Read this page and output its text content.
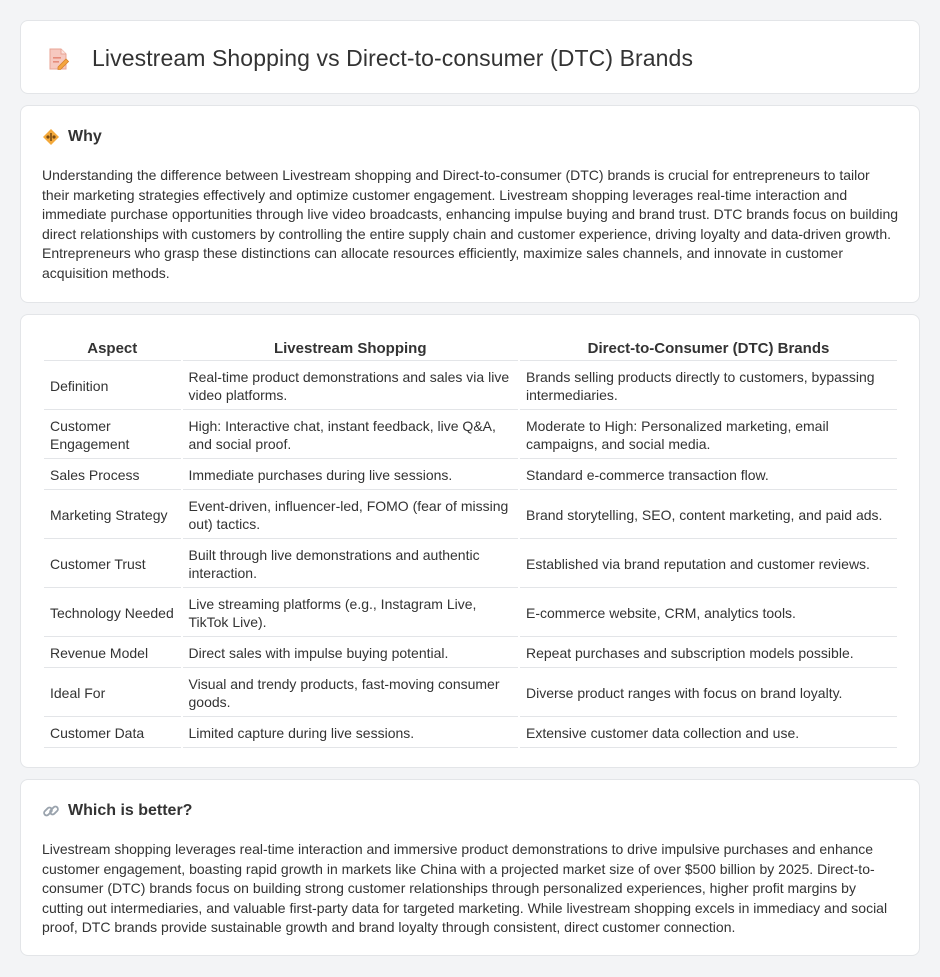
Livestream Shopping vs Direct-to-consumer (DTC) Brands
Why

Understanding the difference between Livestream shopping and Direct-to-consumer (DTC) brands is crucial for entrepreneurs to tailor their marketing strategies effectively and optimize customer engagement. Livestream shopping leverages real-time interaction and immediate purchase opportunities through live video broadcasts, enhancing impulse buying and brand trust. DTC brands focus on building direct relationships with customers by controlling the entire supply chain and customer experience, driving loyalty and data-driven growth. Entrepreneurs who grasp these distinctions can allocate resources efficiently, maximize sales channels, and innovate in customer acquisition methods.

Aspect	Livestream Shopping	Direct-to-Consumer (DTC) Brands
Definition	Real-time product demonstrations and sales via live video platforms.	Brands selling products directly to customers, bypassing intermediaries.
Customer Engagement	High: Interactive chat, instant feedback, live Q&A, and social proof.	Moderate to High: Personalized marketing, email campaigns, and social media.
Sales Process	Immediate purchases during live sessions.	Standard e-commerce transaction flow.
Marketing Strategy	Event-driven, influencer-led, FOMO (fear of missing out) tactics.	Brand storytelling, SEO, content marketing, and paid ads.
Customer Trust	Built through live demonstrations and authentic interaction.	Established via brand reputation and customer reviews.
Technology Needed	Live streaming platforms (e.g., Instagram Live, TikTok Live).	E-commerce website, CRM, analytics tools.
Revenue Model	Direct sales with impulse buying potential.	Repeat purchases and subscription models possible.
Ideal For	Visual and trendy products, fast-moving consumer goods.	Diverse product ranges with focus on brand loyalty.
Customer Data	Limited capture during live sessions.	Extensive customer data collection and use.
Which is better?

Livestream shopping leverages real-time interaction and immersive product demonstrations to drive impulsive purchases and enhance customer engagement, boasting rapid growth in markets like China with a projected market size of over $500 billion by 2025. Direct-to-consumer (DTC) brands focus on building strong customer relationships through personalized experiences, higher profit margins by cutting out intermediaries, and valuable first-party data for targeted marketing. While livestream shopping excels in immediacy and social proof, DTC brands provide sustainable growth and brand loyalty through consistent, direct customer connection.
